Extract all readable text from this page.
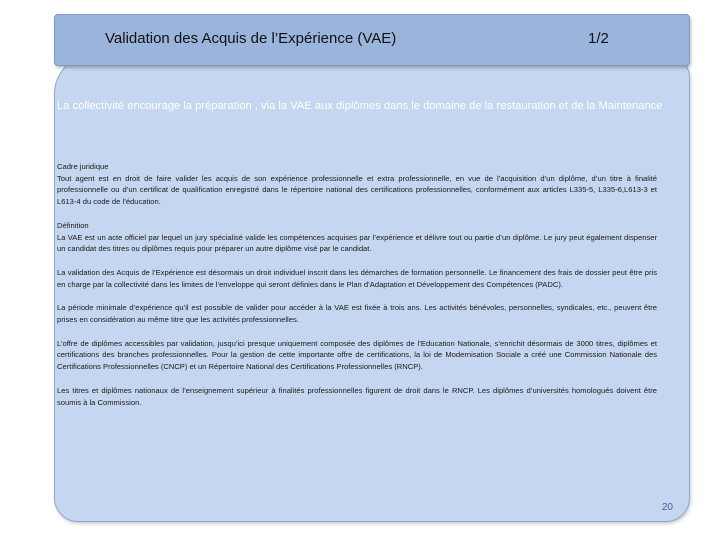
La collectivité encourage la préparation , via la VAE aux diplômes dans le domaine de la restauration et de la Maintenance

Cadre juridique
Tout agent est en droit de faire valider les acquis de son expérience professionnelle et extra professionnelle, en vue de l’acquisition d’un diplôme, d’un titre à finalité professionnelle ou d’un certificat de qualification enregistré dans le répertoire national des certifications professionnelles, conformément aux articles L335-5, L335-6,L613-3 et L613-4 du code de l’éducation.

Définition
La VAE est un acte officiel par lequel un jury spécialisé valide les compétences acquises par l’expérience et délivre tout ou partie d’un diplôme. Le jury peut également dispenser un candidat des titres ou diplômes requis pour préparer un autre diplôme visé par le candidat.

La validation des Acquis de l’Expérience est désormais un droit individuel inscrit dans les démarches de formation personnelle. Le financement des frais de dossier peut être pris en charge par la collectivité dans les limites de l’enveloppe qui seront définies dans le Plan d’Adaptation et Développement des Compétences (PADC).

La période minimale d’expérience qu’il est possible de valider pour accéder à la VAE est fixée à trois ans. Les activités bénévoles, personnelles, syndicales, etc., peuvent être prises en considération au même titre que les activités professionnelles.

L’offre de diplômes accessibles par validation, jusqu’ici presque uniquement composée des diplômes de l’Education Nationale, s’enrichit désormais de 3000 titres, diplômes et certifications des branches professionnelles. Pour la gestion de cette importante offre de certifications, la loi de Modernisation Sociale a créé une Commission Nationale des Certifications Professionnelles (CNCP) et un Répertoire National des Certifications Professionnelles (RNCP).

Les titres et diplômes nationaux de l’enseignement supérieur à finalités professionnelles figurent de droit dans le RNCP. Les diplômes d’universités homologués doivent être soumis à la Commission.

20
Validation des Acquis de l’Expérience (VAE)	1/2
